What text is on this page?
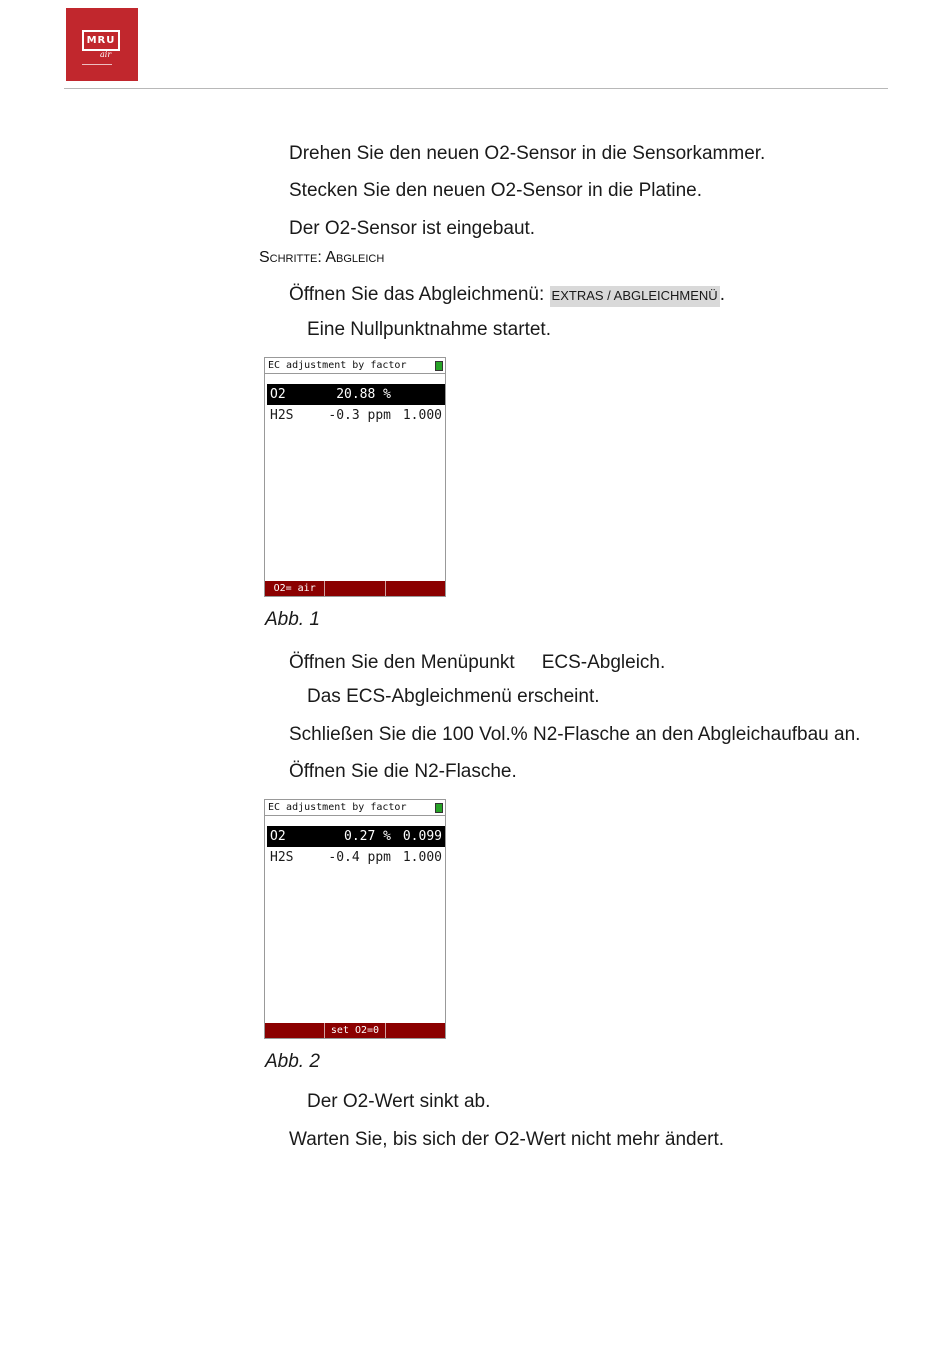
MRU
air
Drehen Sie den neuen O2-Sensor in die Sensorkammer.
Stecken Sie den neuen O2-Sensor in die Platine.
Der O2-Sensor ist eingebaut.
Schritte: Abgleich
Öffnen Sie das Abgleichmenü: EXTRAS / ABGLEICHMENÜ .
Eine Nullpunktnahme startet.
EC adjustment by factor
O2	20.88 %
H2S	-0.3 ppm 1.000
O2= air
Abb. 1
Öffnen Sie den Menüpunkt ECS-Abgleich.
Das ECS-Abgleichmenü erscheint.
Schließen Sie die 100 Vol.% N2-Flasche an den Abgleichaufbau an.
Öffnen Sie die N2-Flasche.
EC adjustment by factor
O2	0.27 % 0.099
H2S	-0.4 ppm 1.000
set O2=0
Abb. 2
Der O2-Wert sinkt ab.
Warten Sie, bis sich der O2-Wert nicht mehr ändert.
